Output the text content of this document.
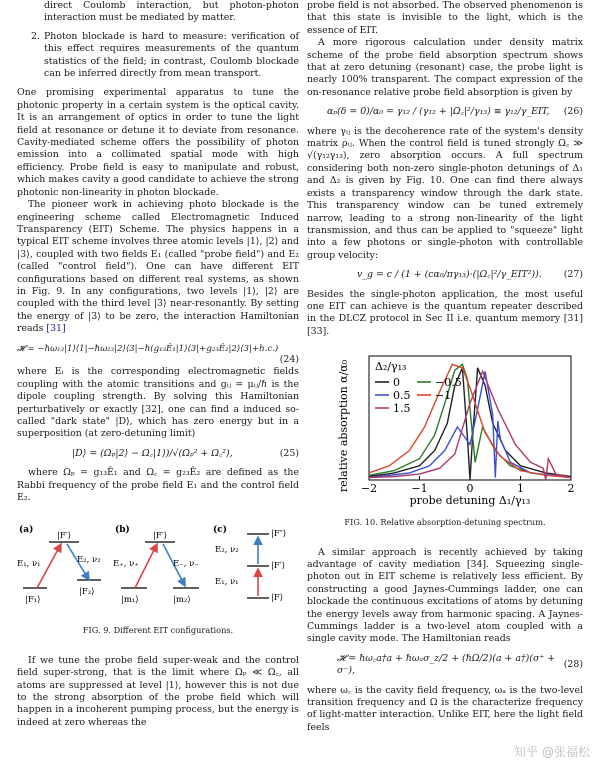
direct Coulomb interaction, but photon-photon interaction must be mediated by matter.

2. Photon blockade is hard to measure: verification of this effect requires measurements of the quantum statistics of the field; in contrast, Coulomb blockade can be inferred directly from mean transport.

One promising experimental apparatus to tune the photonic property in a certain system is the optical cavity. It is an arrangement of optics in order to tune the light field at resonance or detune it to deviate from resonance. Cavity-mediated scheme offers the possibility of photon emission into a collimated spatial mode with high efficiency. Probe field is easy to manipulate and robust, which makes cavity a good candidate to achieve the strong photonic non-linearity in photon blockade.

The pioneer work in achieving photo blockade is the engineering scheme called Electromagnetic Induced Transparency (EIT) Scheme. The physics happens in a typical EIT scheme involves three atomic levels |1⟩, |2⟩ and |3⟩, coupled with two fields E₁ (called "probe field") and E₂ (called "control field"). One can have different EIT configurations based on different real systems, as shown in Fig. 9. In any configurations, two levels |1⟩, |2⟩ are coupled with the third level |3⟩ near-resonantly. By setting the energy of |3⟩ to be zero, the interaction Hamiltonian reads [31]

𝓗 = −ℏω₁₃|1⟩⟨1|−ℏω₂₃|2⟩⟨3|−ℏ(g₁₃Ê₁|1⟩⟨3|+g₂₃Ê₂|2⟩⟨3|+h.c.)
(24)

where Eᵢ is the corresponding electromagnetic fields coupling with the atomic transitions and gᵢⱼ = μᵢⱼ/ℏ is the dipole coupling strength. By solving this Hamiltonian perturbatively or exactly [32], one can find a induced so-called "dark state" |D⟩, which has zero energy but in a superposition (at zero-detuning limit)

|D⟩ = (Ωₚ|2⟩ − Ω꜀|1⟩)/√(Ωₚ² + Ω꜀²),	(25)

where Ωₚ = g₁₃Ê₁ and Ω꜀ = g₂₃Ê₂ are defined as the Rabbi frequency of the probe field E₁ and the control field E₂.

(a)
|F′⟩
E₁, ν₁	E₂, ν₂
|F₁⟩
|F₂⟩
(b)
|F′⟩
E₊, ν₊	E₋, ν₋
|m₁⟩	|m₂⟩
(c)	|F″⟩
|F′⟩
|F⟩
E₂, ν₂
E₁, ν₁
FIG. 9. Different EIT configurations.

If we tune the probe field super-weak and the control field super-strong, that is the limit where Ωₚ ≪ Ω꜀, all atoms are suppressed at level |1⟩, however this is not due to the strong absorption of the probe field which will happen in a incoherent pumping process, but the energy is indeed at zero whereas the

probe field is not absorbed. The observed phenomenon is that this state is invisible to the light, which is the essence of EIT.

A more rigorous calculation under density matrix scheme of the probe field absorption spectrum shows that at zero detuning (resonant) case, the probe light is nearly 100% transparent. The compact expression of the on-resonance relative probe field absorption is given by

αₚ(δ = 0)/α₀ = γ₁₂ / (γ₁₂ + |Ω꜀|²/γ₁₃) ≡ γ₁₂/γ_EIT, (26)

where γᵢⱼ is the decoherence rate of the system's density matrix ρᵢⱼ. When the control field is tuned strongly Ω꜀ ≫ √(γ₁₂γ₁₃), zero absorption occurs. A full spectrum considering both non-zero single-photon detunings of Δ₁ and Δ₂ is given by Fig. 10. One can find there always exists a transparency window through the dark state. This transparency window can be tuned extremely narrow, leading to a strong non-linearity of the light transmission, and thus can be applied to "squeeze" light into a few photons or single-photon with controllable group velocity:

v_g = c / (1 + (cα₀/πγ₁₃)·(|Ω꜀|²/γ_EIT²)). (27)

Besides the single-photon application, the most useful one EIT can achieve is the quantum repeater described in the DLCZ protocol in Sec II i.e. quantum memory [31][33].

relative absorption α/α₀
probe detuning Δ₁/γ₁₃
−2	−1	0	1	2
Δ₂/γ₁₃
0	−0.5
0.5 −1
1.5
FIG. 10. Relative absorption-detuning spectrum.

A similar approach is recently achieved by taking advantage of cavity mediation [34]. Squeezing single-photon out in EIT scheme is relatively less efficient. By constructing a good Jaynes-Cummings ladder, one can blockade the continuous excitations of atoms by detuning the energy levels away from harmonic spacing. A Jaynes-Cummings ladder is a two-level atom coupled with a single cavity mode. The Hamiltonian reads

𝓗 = ℏω꜀a†a + ℏωₐσ_z/2 + (ℏΩ/2)(a + a†)(σ⁺ + σ⁻),
(28)

where ω꜀ is the cavity field frequency, ωₐ is the two-level transition frequency and Ω is the characterize frequency of light-matter interaction. Unlike EIT, here the light field feels

知乎 @张福松
